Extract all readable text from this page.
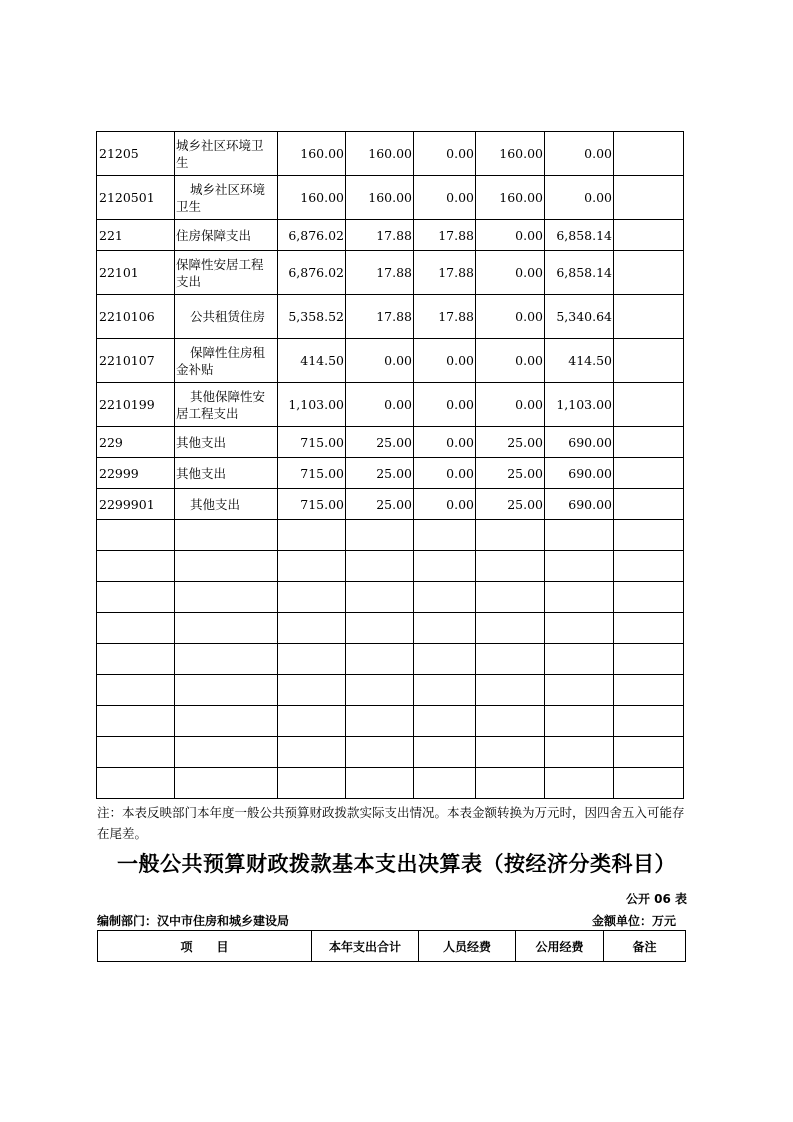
21205	城乡社区环境卫生	160.00	160.00	0.00	160.00	0.00	
2120501	城乡社区环境卫生	160.00	160.00	0.00	160.00	0.00	
221	住房保障支出	6,876.02	17.88	17.88	0.00	6,858.14	
22101	保障性安居工程支出	6,876.02	17.88	17.88	0.00	6,858.14	
2210106	公共租赁住房	5,358.52	17.88	17.88	0.00	5,340.64	
2210107	保障性住房租金补贴	414.50	0.00	0.00	0.00	414.50	
2210199	其他保障性安居工程支出	1,103.00	0.00	0.00	0.00	1,103.00	
229	其他支出	715.00	25.00	0.00	25.00	690.00	
22999	其他支出	715.00	25.00	0.00	25.00	690.00	
2299901	其他支出	715.00	25.00	0.00	25.00	690.00	

注：本表反映部门本年度一般公共预算财政拨款实际支出情况。本表金额转换为万元时，因四舍五入可能存在尾差。
一般公共预算财政拨款基本支出决算表（按经济分类科目）
公开 06 表
编制部门：汉中市住房和城乡建设局	金额单位：万元
项　　目	本年支出合计	人员经费	公用经费	备注
